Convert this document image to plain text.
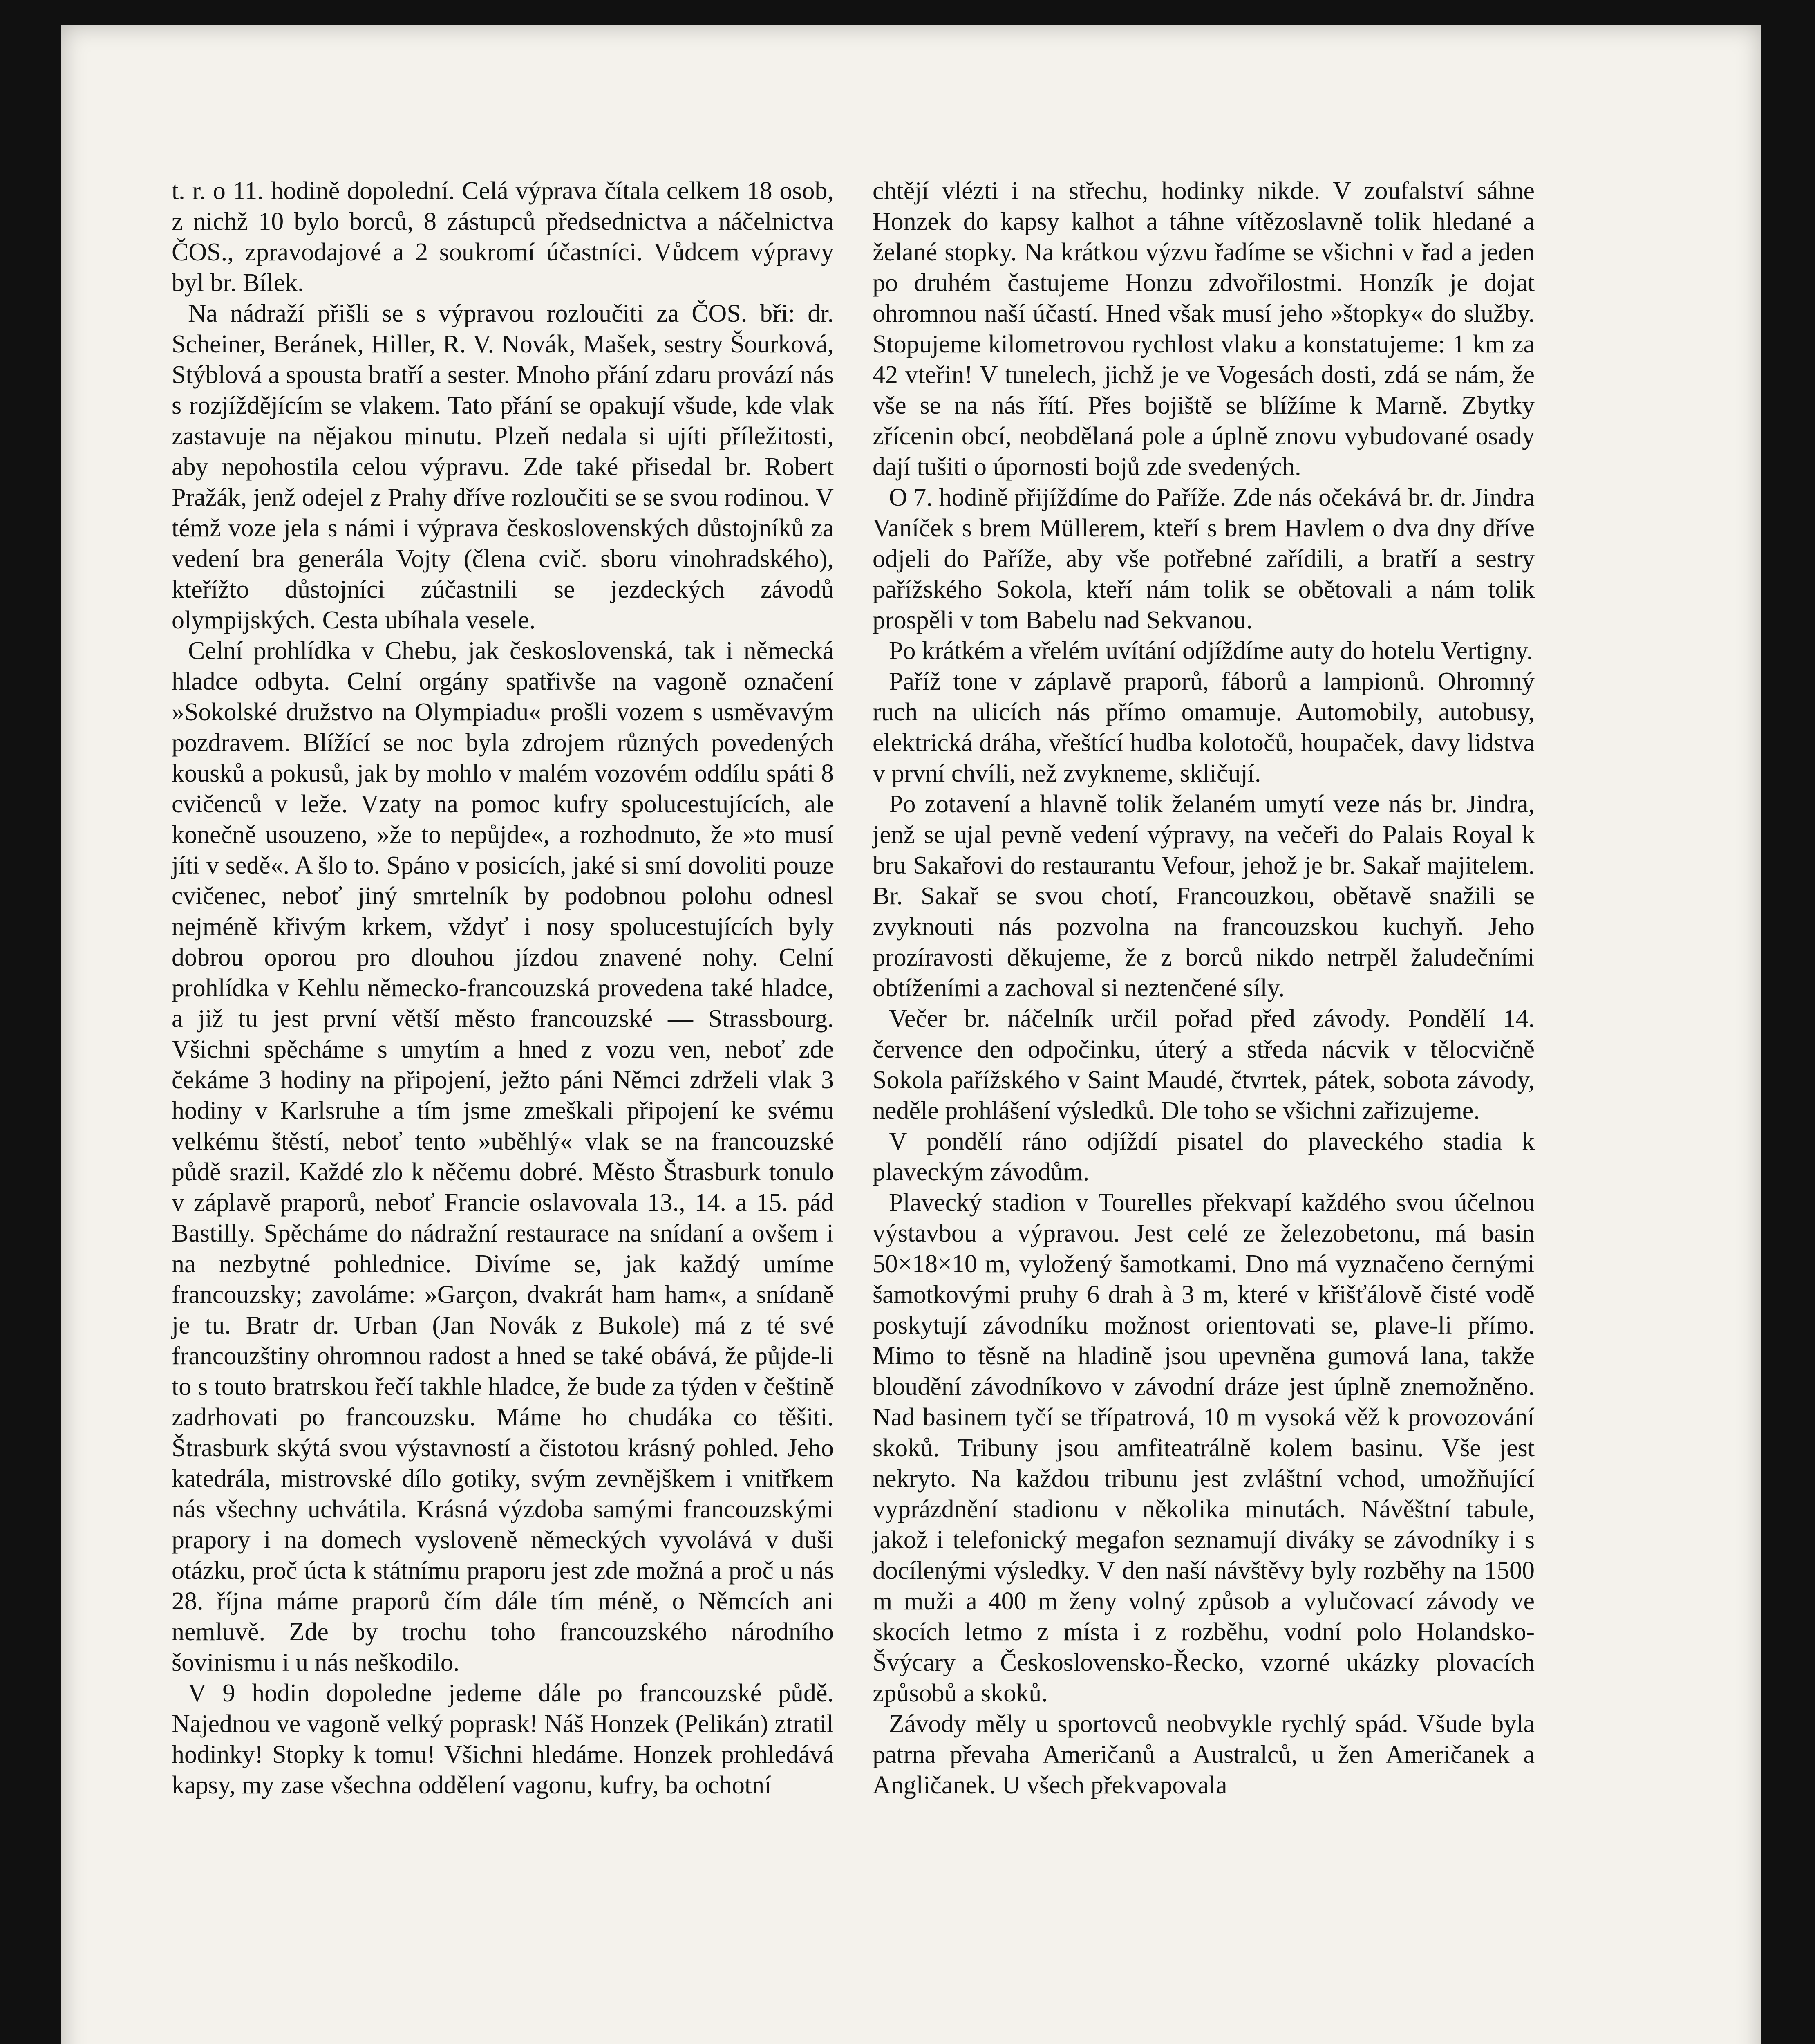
t. r. o 11. hodině dopolední. Celá výprava čítala celkem 18 osob, z nichž 10 bylo borců, 8 zástupců předsednictva a náčelnictva ČOS., zpravodajové a 2 soukromí účastníci. Vůdcem výpravy byl br. Bílek.

Na nádraží přišli se s výpravou rozloučiti za ČOS. bři: dr. Scheiner, Beránek, Hiller, R. V. Novák, Mašek, sestry Šourková, Stýblová a spousta bratří a sester. Mnoho přání zdaru provází nás s rozjíždějícím se vlakem. Tato přání se opakují všude, kde vlak zastavuje na nějakou minutu. Plzeň nedala si ujíti příležitosti, aby nepohostila celou výpravu. Zde také přisedal br. Robert Pražák, jenž odejel z Prahy dříve rozloučiti se se svou rodinou. V témž voze jela s námi i výprava československých důstojníků za vedení bra generála Vojty (člena cvič. sboru vinohradského), kteřížto důstojníci zúčastnili se jezdeckých závodů olympijských. Cesta ubíhala vesele.

Celní prohlídka v Chebu, jak československá, tak i německá hladce odbyta. Celní orgány spatřivše na vagoně označení »Sokolské družstvo na Olympiadu« prošli vozem s usměvavým pozdravem. Blížící se noc byla zdrojem různých povedených kousků a pokusů, jak by mohlo v malém vozovém oddílu spáti 8 cvičenců v leže. Vzaty na pomoc kufry spolucestujících, ale konečně usouzeno, »že to nepůjde«, a rozhodnuto, že »to musí jíti v sedě«. A šlo to. Spáno v posicích, jaké si smí dovoliti pouze cvičenec, neboť jiný smrtelník by podobnou polohu odnesl nejméně křivým krkem, vždyť i nosy spolucestujících byly dobrou oporou pro dlouhou jízdou znavené nohy. Celní prohlídka v Kehlu německo-francouzská provedena také hladce, a již tu jest první větší město francouzské — Strassbourg. Všichni spěcháme s umytím a hned z vozu ven, neboť zde čekáme 3 hodiny na připojení, ježto páni Němci zdrželi vlak 3 hodiny v Karlsruhe a tím jsme zmeškali připojení ke svému velkému štěstí, neboť tento »uběhlý« vlak se na francouzské půdě srazil. Každé zlo k něčemu dobré. Město Štrasburk tonulo v záplavě praporů, neboť Francie oslavovala 13., 14. a 15. pád Bastilly. Spěcháme do nádražní restaurace na snídaní a ovšem i na nezbytné pohlednice. Divíme se, jak každý umíme francouzsky; zavoláme: »Garçon, dvakrát ham ham«, a snídaně je tu. Bratr dr. Urban (Jan Novák z Bukole) má z té své francouzštiny ohromnou radost a hned se také obává, že půjde-li to s touto bratrskou řečí takhle hladce, že bude za týden v češtině zadrhovati po francouzsku. Máme ho chudáka co těšiti. Štrasburk skýtá svou výstavností a čistotou krásný pohled. Jeho katedrála, mistrovské dílo gotiky, svým zevnějškem i vnitřkem nás všechny uchvátila. Krásná výzdoba samými francouzskými prapory i na domech vysloveně německých vyvolává v duši otázku, proč úcta k státnímu praporu jest zde možná a proč u nás 28. října máme praporů čím dále tím méně, o Němcích ani nemluvě. Zde by trochu toho francouzského národního šovinismu i u nás neškodilo.

V 9 hodin dopoledne jedeme dále po francouzské půdě. Najednou ve vagoně velký poprask! Náš Honzek (Pelikán) ztratil hodinky! Stopky k tomu! Všichni hledáme. Honzek prohledává kapsy, my zase všechna oddělení vagonu, kufry, ba ochotní

chtějí vlézti i na střechu, hodinky nikde. V zoufalství sáhne Honzek do kapsy kalhot a táhne vítězoslavně tolik hledané a želané stopky. Na krátkou výzvu řadíme se všichni v řad a jeden po druhém častujeme Honzu zdvořilostmi. Honzík je dojat ohromnou naší účastí. Hned však musí jeho »štopky« do služby. Stopujeme kilometrovou rychlost vlaku a konstatujeme: 1 km za 42 vteřin! V tunelech, jichž je ve Vogesách dosti, zdá se nám, že vše se na nás řítí. Přes bojiště se blížíme k Marně. Zbytky zřícenin obcí, neobdělaná pole a úplně znovu vybudované osady dají tušiti o úpornosti bojů zde svedených.

O 7. hodině přijíždíme do Paříže. Zde nás očekává br. dr. Jindra Vaníček s brem Müllerem, kteří s brem Havlem o dva dny dříve odjeli do Paříže, aby vše potřebné zařídili, a bratří a sestry pařížského Sokola, kteří nám tolik se obětovali a nám tolik prospěli v tom Babelu nad Sekvanou.

Po krátkém a vřelém uvítání odjíždíme auty do hotelu Vertigny.

Paříž tone v záplavě praporů, fáborů a lampionů. Ohromný ruch na ulicích nás přímo omamuje. Automobily, autobusy, elektrická dráha, vřeštící hudba kolotočů, houpaček, davy lidstva v první chvíli, než zvykneme, skličují.

Po zotavení a hlavně tolik želaném umytí veze nás br. Jindra, jenž se ujal pevně vedení výpravy, na večeři do Palais Royal k bru Sakařovi do restaurantu Vefour, jehož je br. Sakař majitelem. Br. Sakař se svou chotí, Francouzkou, obětavě snažili se zvyknouti nás pozvolna na francouzskou kuchyň. Jeho prozíravosti děkujeme, že z borců nikdo netrpěl žaludečními obtíženími a zachoval si neztenčené síly.

Večer br. náčelník určil pořad před závody. Pondělí 14. července den odpočinku, úterý a středa nácvik v tělocvičně Sokola pařížského v Saint Maudé, čtvrtek, pátek, sobota závody, neděle prohlášení výsledků. Dle toho se všichni zařizujeme.

V pondělí ráno odjíždí pisatel do plaveckého stadia k plaveckým závodům.

Plavecký stadion v Tourelles překvapí každého svou účelnou výstavbou a výpravou. Jest celé ze železobetonu, má basin 50×18×10 m, vyložený šamotkami. Dno má vyznačeno černými šamotkovými pruhy 6 drah à 3 m, které v křišťálově čisté vodě poskytují závodníku možnost orientovati se, plave-li přímo. Mimo to těsně na hladině jsou upevněna gumová lana, takže bloudění závodníkovo v závodní dráze jest úplně znemožněno. Nad basinem tyčí se třípatrová, 10 m vysoká věž k provozování skoků. Tribuny jsou amfiteatrálně kolem basinu. Vše jest nekryto. Na každou tribunu jest zvláštní vchod, umožňující vyprázdnění stadionu v několika minutách. Návěštní tabule, jakož i telefonický megafon seznamují diváky se závodníky i s docílenými výsledky. V den naší návštěvy byly rozběhy na 1500 m muži a 400 m ženy volný způsob a vylučovací závody ve skocích letmo z místa i z rozběhu, vodní polo Holandsko-Švýcary a Československo-Řecko, vzorné ukázky plovacích způsobů a skoků.

Závody měly u sportovců neobvykle rychlý spád. Všude byla patrna převaha Američanů a Australců, u žen Američanek a Angličanek. U všech překvapovala
